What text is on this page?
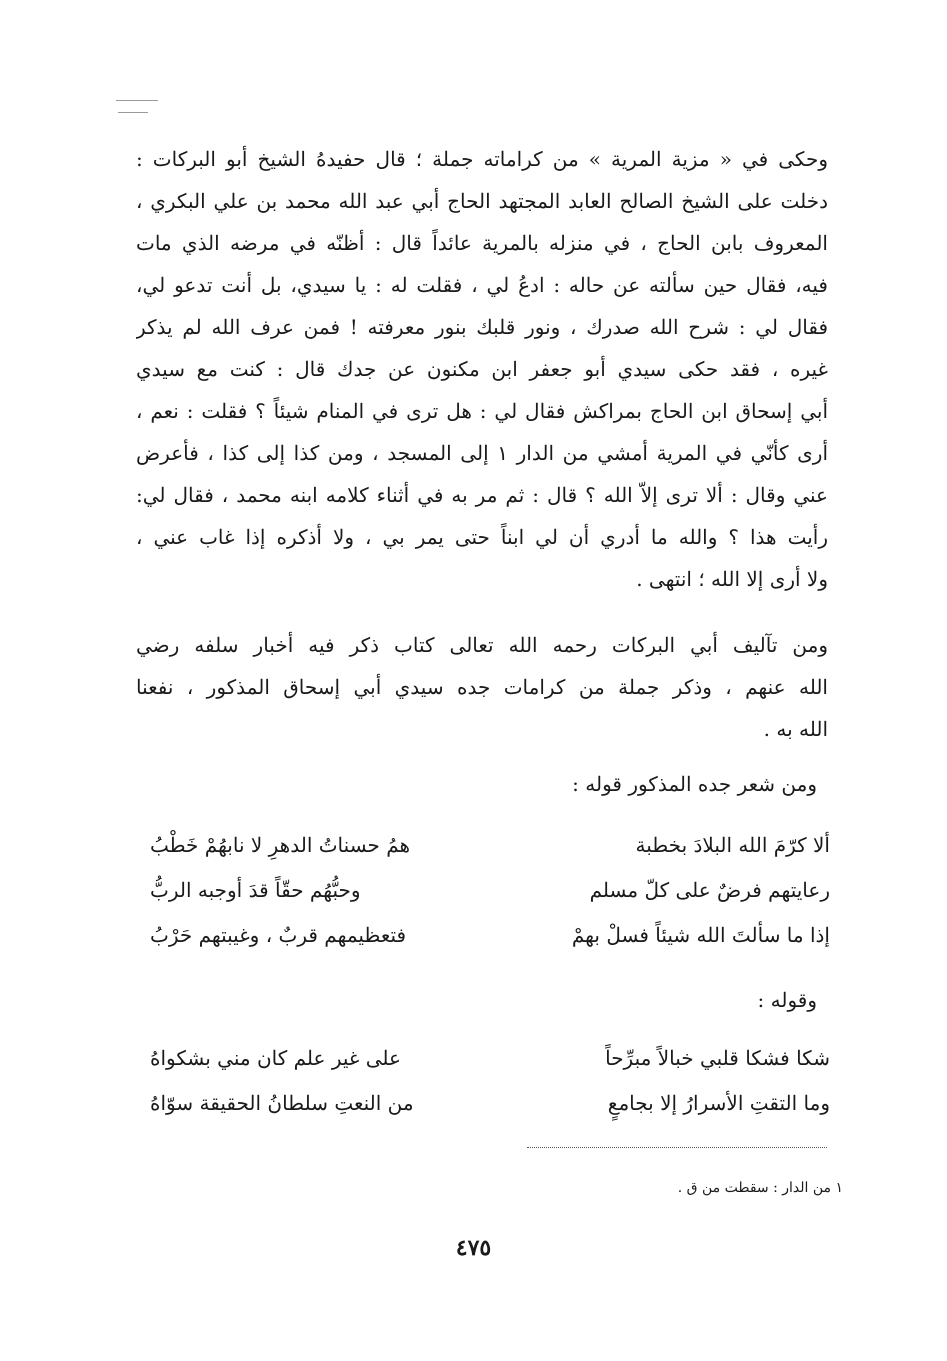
وحكى في « مزية المرية » من كراماته جملة ؛ قال حفيدهُ الشيخ أبو البركات :
دخلت على الشيخ الصالح العابد المجتهد الحاج أبي عبد الله محمد بن علي البكري ،
المعروف بابن الحاج ، في منزله بالمرية عائداً قال : أظنّه في مرضه الذي مات
فيه، فقال حين سألته عن حاله : ادعُ لي ، فقلت له : يا سيدي، بل أنت تدعو لي،
فقال لي : شرح الله صدرك ، ونور قلبك بنور معرفته ! فمن عرف الله لم يذكر
غيره ، فقد حكى سيدي أبو جعفر ابن مكنون عن جدك قال : كنت مع سيدي
أبي إسحاق ابن الحاج بمراكش فقال لي : هل ترى في المنام شيئاً ؟ فقلت : نعم ،
أرى كأنّي في المرية أمشي من الدار ١ إلى المسجد ، ومن كذا إلى كذا ، فأعرض
عني وقال : ألا ترى إلاّ الله ؟ قال : ثم مر به في أثناء كلامه ابنه محمد ، فقال لي:
رأيت هذا ؟ والله ما أدري أن لي ابناً حتى يمر بي ، ولا أذكره إذا غاب عني ،
ولا أرى إلا الله ؛ انتهى .
ومن تآليف أبي البركات رحمه الله تعالى كتاب ذكر فيه أخبار سلفه رضي
الله عنهم ، وذكر جملة من كرامات جده سيدي أبي إسحاق المذكور ، نفعنا
الله به .
ومن شعر جده المذكور قوله :
ألا كرّمَ الله البلادَ بخطبة
همُ حسناتُ الدهرِ لا نابهُمْ خَطْبُ
رعايتهم فرضٌ على كلّ مسلم
وحبُّهُم حقّاً قدَ أوجبه الربُّ
إذا ما سألتَ الله شيئاً فسلْ بهمْ
فتعظيمهم قربٌ ، وغيبتهم حَرْبُ
وقوله :
شكا فشكا قلبي خبالاً مبرِّحاً
على غير علم كان مني بشكواهُ
وما التقتِ الأسرارُ إلا بجامعٍ
من النعتِ سلطانُ الحقيقة سوّاهُ
١ من الدار : سقطت من ق .
٤٧٥
